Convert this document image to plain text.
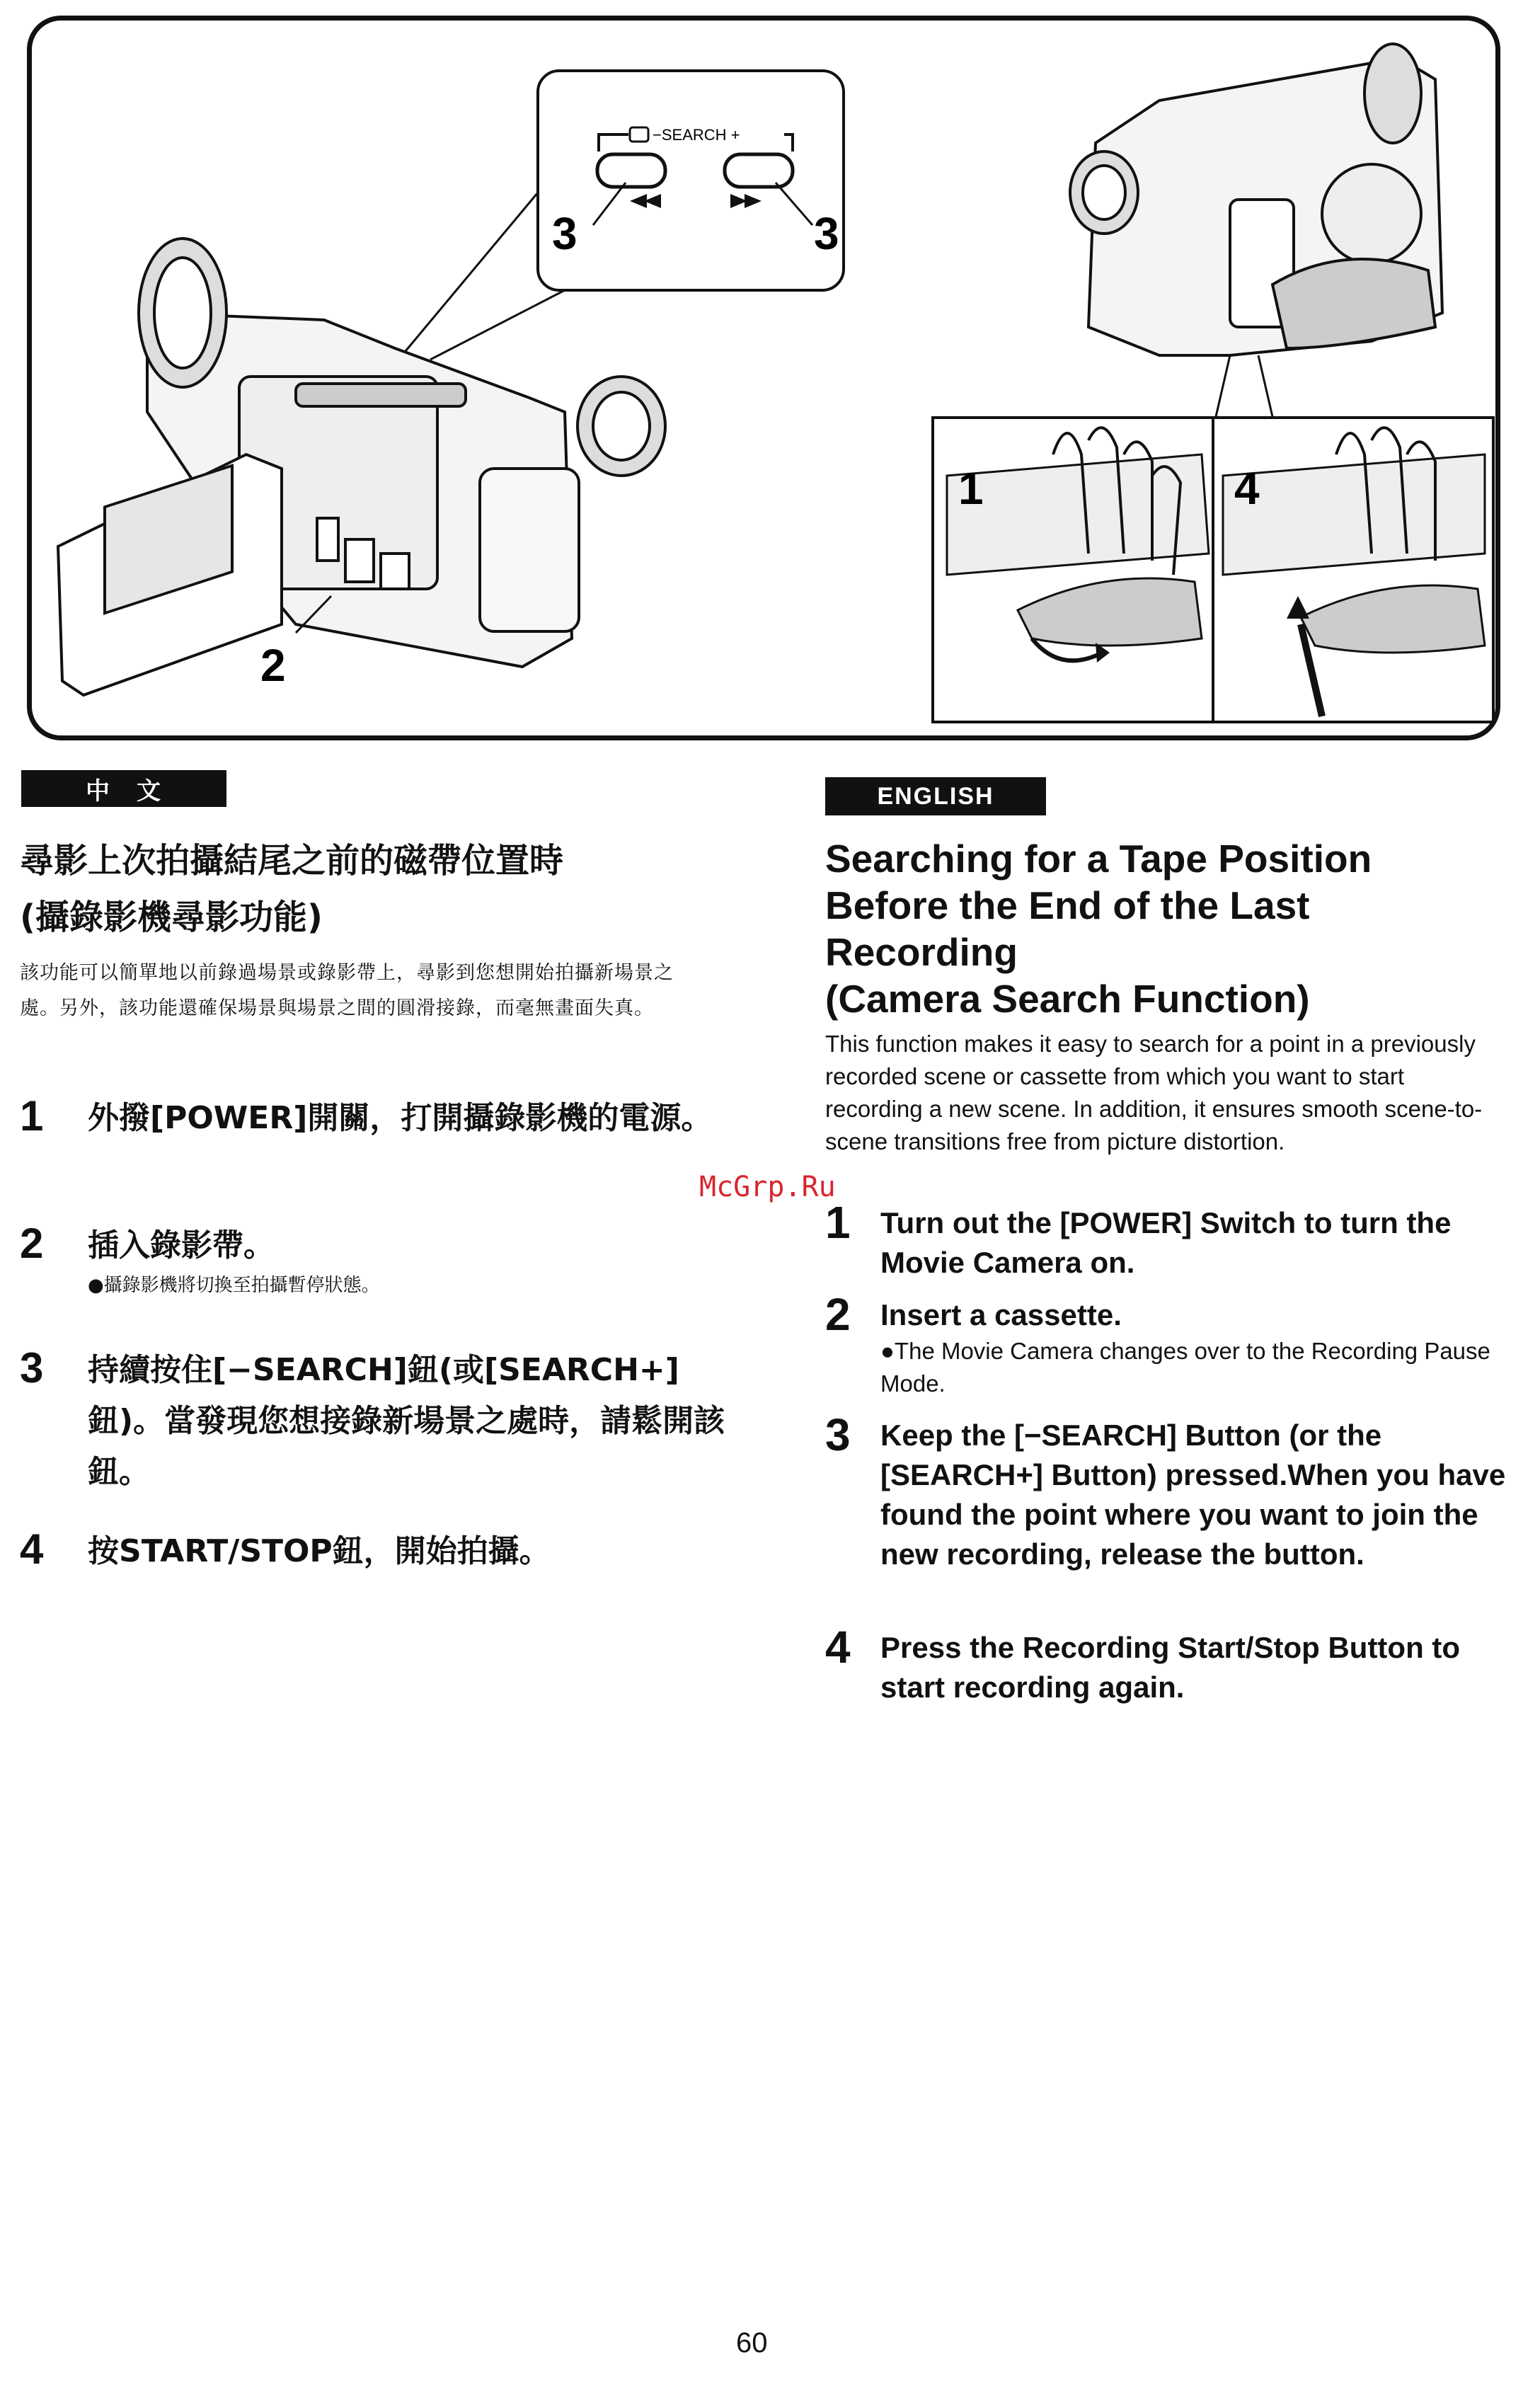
−SEARCH +
3	3
2
1	4
中　文
尋影上次拍攝結尾之前的磁帶位置時
(攝錄影機尋影功能)
該功能可以簡單地以前錄過場景或錄影帶上，尋影到您想開始拍攝新場景之處。另外，該功能還確保場景與場景之間的圓滑接錄，而毫無畫面失真。
1 外撥[POWER]開關，打開攝錄影機的電源。
2 插入錄影帶。
●攝錄影機將切換至拍攝暫停狀態。
3 持續按住[−SEARCH]鈕(或[SEARCH+]鈕)。當發現您想接錄新場景之處時，請鬆開該鈕。
4 按START/STOP鈕，開始拍攝。
ENGLISH
Searching for a Tape Position
Before the End of the Last
Recording
(Camera Search Function)
This function makes it easy to search for a point in a previously recorded scene or cassette from which you want to start recording a new scene. In addition, it ensures smooth scene-to-scene transitions free from picture distortion.
1 Turn out the [POWER] Switch to turn the Movie Camera on.
2 Insert a cassette.
●The Movie Camera changes over to the Recording Pause Mode.
3 Keep the [−SEARCH] Button (or the [SEARCH+] Button) pressed.When you have found the point where you want to join the new recording, release the button.
4 Press the Recording Start/Stop Button to start recording again.
McGrp.Ru
60
